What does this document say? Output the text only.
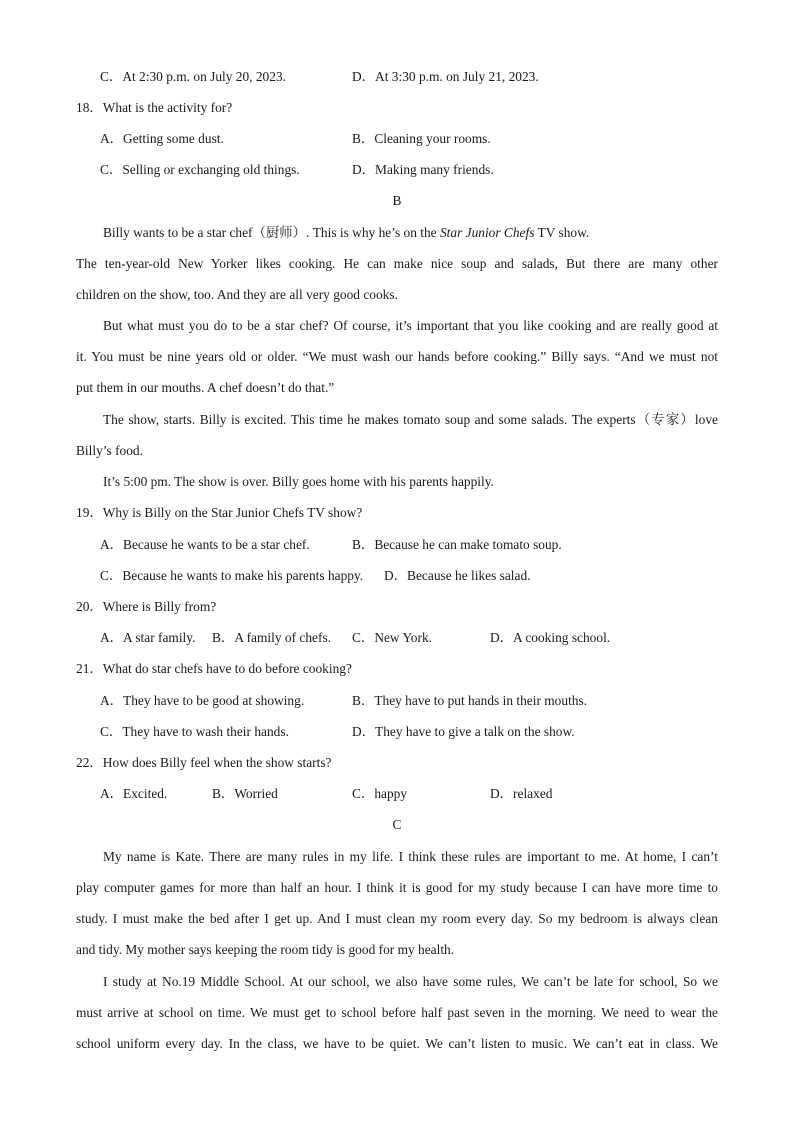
C．At 2:30 p.m. on July 20, 2023.	D．At 3:30 p.m. on July 21, 2023.
18．What is the activity for?
A．Getting some dust.	B．Cleaning your rooms.
C．Selling or exchanging old things.	D．Making many friends.
B
Billy wants to be a star chef（厨师）. This is why he’s on the Star Junior Chefs TV show.
The ten-year-old New Yorker likes cooking. He can make nice soup and salads, But there are many other
children on the show, too. And they are all very good cooks.
But what must you do to be a star chef? Of course, it’s important that you like cooking and are really good at
it. You must be nine years old or older. “We must wash our hands before cooking.” Billy says. “And we must not
put them in our mouths. A chef doesn’t do that.”
The show, starts. Billy is excited. This time he makes tomato soup and some salads. The experts（专家）love
Billy’s food.
It’s 5:00 pm. The show is over. Billy goes home with his parents happily.
19．Why is Billy on the Star Junior Chefs TV show?
A．Because he wants to be a star chef.	B．Because he can make tomato soup.
C．Because he wants to make his parents happy. D．Because he likes salad.
20．Where is Billy from?
A．A star family. B．A family of chefs. C．New York.	D．A cooking school.
21．What do star chefs have to do before cooking?
A．They have to be good at showing.	B．They have to put hands in their mouths.
C．They have to wash their hands.	D．They have to give a talk on the show.
22．How does Billy feel when the show starts?
A．Excited.	B．Worried	C．happy	D．relaxed
C
My name is Kate. There are many rules in my life. I think these rules are important to me. At home, I can’t
play computer games for more than half an hour. I think it is good for my study because I can have more time to
study. I must make the bed after I get up. And I must clean my room every day. So my bedroom is always clean
and tidy. My mother says keeping the room tidy is good for my health.
I study at No.19 Middle School. At our school, we also have some rules, We can’t be late for school, So we
must arrive at school on time. We must get to school before half past seven in the morning. We need to wear the
school uniform every day. In the class, we have to be quiet. We can’t listen to music. We can’t eat in class. We
